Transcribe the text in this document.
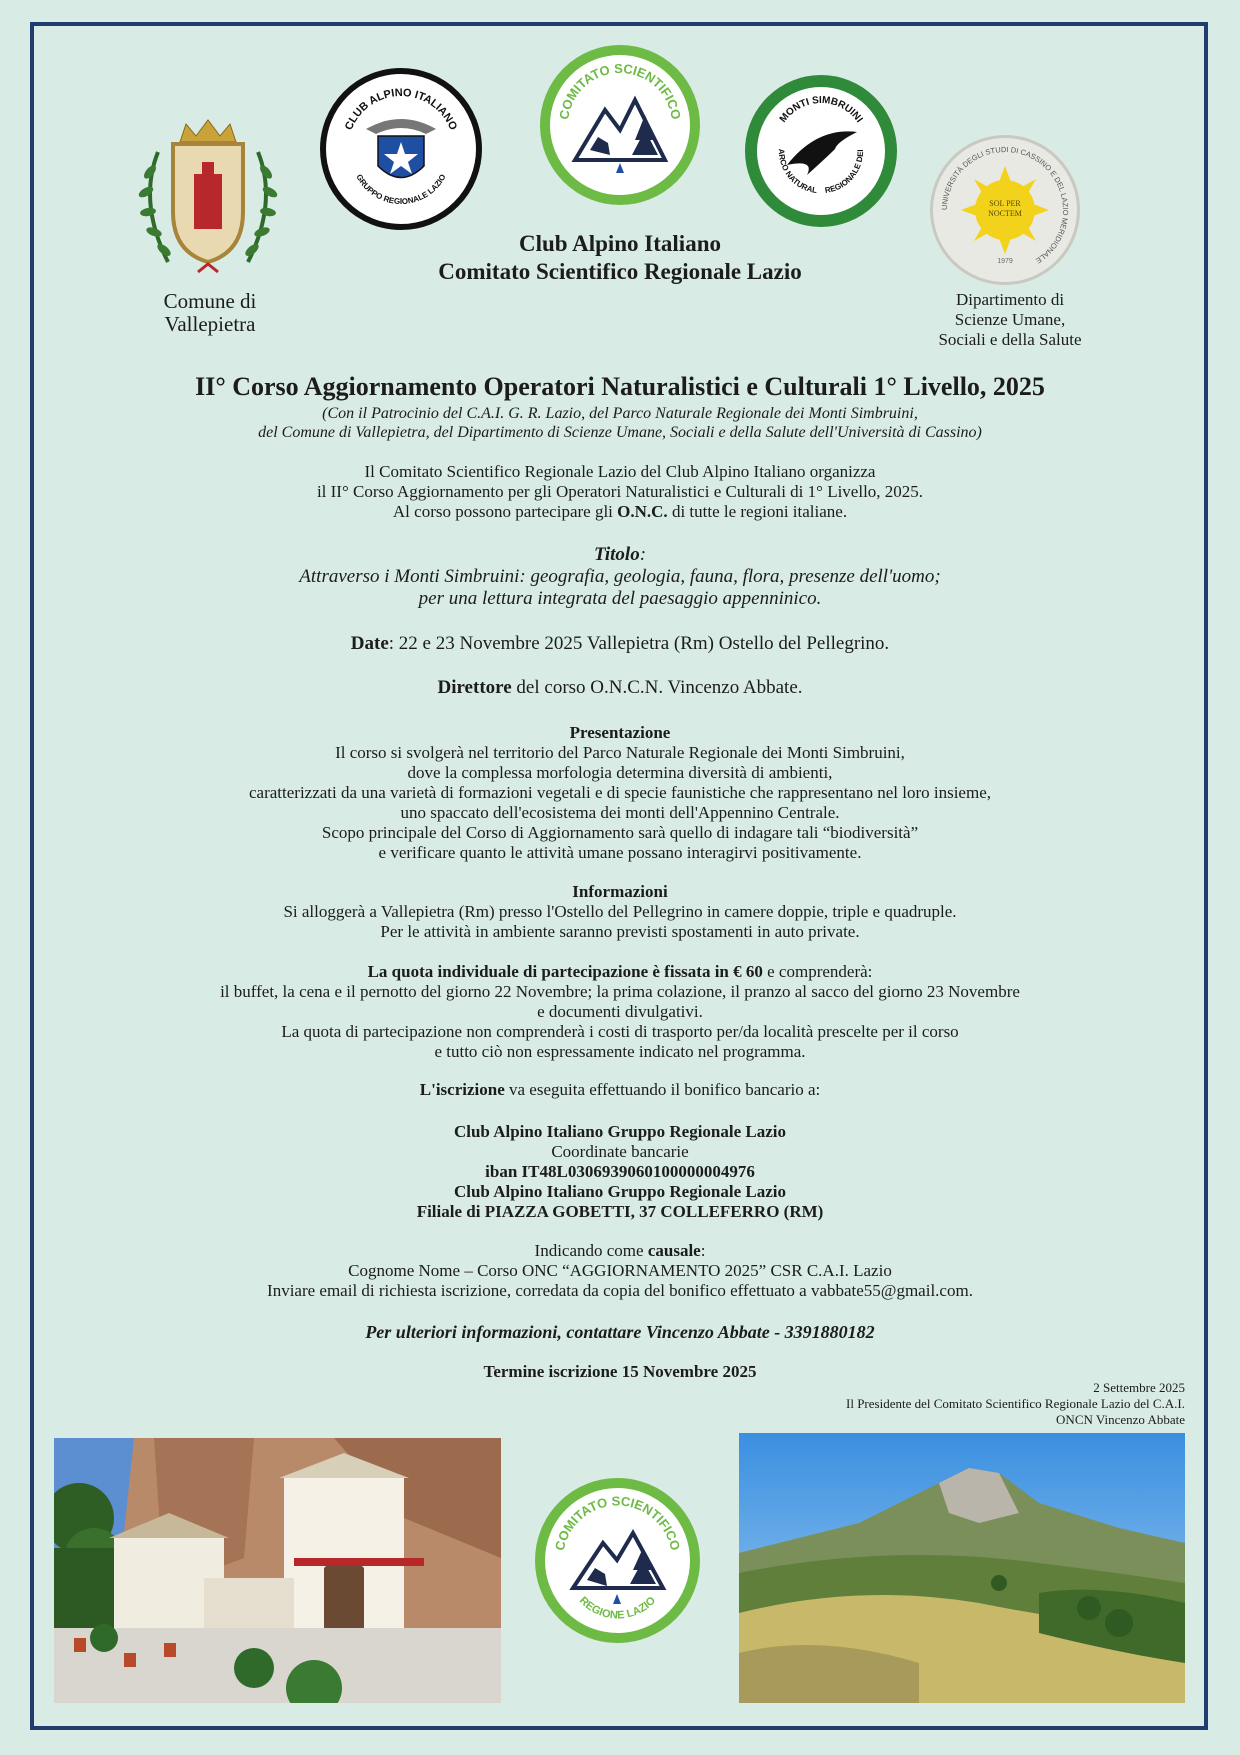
Comune di
Vallepietra
CLUB ALPINO ITALIANO
GRUPPO REGIONALE LAZIO
COMITATO SCIENTIFICO	MONTI SIMBRUINI
ARCO NATURAL REGIONALE DEI
UNIVERSITÀ DEGLI STUDI DI CASSINO E DEL LAZIO MERIDIONALE
SOL PER
NOCTEM
1979
Dipartimento di
Scienze Umane,
Sociali e della Salute
Club Alpino Italiano
Comitato Scientifico Regionale Lazio
II° Corso Aggiornamento Operatori Naturalistici e Culturali 1° Livello, 2025
(Con il Patrocinio del C.A.I. G. R. Lazio, del Parco Naturale Regionale dei Monti Simbruini,
del Comune di Vallepietra, del Dipartimento di Scienze Umane, Sociali e della Salute dell'Università di Cassino)
Il Comitato Scientifico Regionale Lazio del Club Alpino Italiano organizza
il II° Corso Aggiornamento per gli Operatori Naturalistici e Culturali di 1° Livello, 2025.
Al corso possono partecipare gli O.N.C. di tutte le regioni italiane.
Titolo:
Attraverso i Monti Simbruini: geografia, geologia, fauna, flora, presenze dell'uomo;
per una lettura integrata del paesaggio appenninico.
Date: 22 e 23 Novembre 2025 Vallepietra (Rm) Ostello del Pellegrino.
Direttore del corso O.N.C.N. Vincenzo Abbate.
Presentazione
Il corso si svolgerà nel territorio del Parco Naturale Regionale dei Monti Simbruini,
dove la complessa morfologia determina diversità di ambienti,
caratterizzati da una varietà di formazioni vegetali e di specie faunistiche che rappresentano nel loro insieme,
uno spaccato dell'ecosistema dei monti dell'Appennino Centrale.
Scopo principale del Corso di Aggiornamento sarà quello di indagare tali “biodiversità”
e verificare quanto le attività umane possano interagirvi positivamente.
Informazioni
Si alloggerà a Vallepietra (Rm) presso l'Ostello del Pellegrino in camere doppie, triple e quadruple.
Per le attività in ambiente saranno previsti spostamenti in auto private.
La quota individuale di partecipazione è fissata in € 60 e comprenderà:
il buffet, la cena e il pernotto del giorno 22 Novembre; la prima colazione, il pranzo al sacco del giorno 23 Novembre
e documenti divulgativi.
La quota di partecipazione non comprenderà i costi di trasporto per/da località prescelte per il corso
e tutto ciò non espressamente indicato nel programma.
L'iscrizione va eseguita effettuando il bonifico bancario a:
Club Alpino Italiano Gruppo Regionale Lazio
Coordinate bancarie
iban IT48L0306939060100000004976
Club Alpino Italiano Gruppo Regionale Lazio
Filiale di PIAZZA GOBETTI, 37 COLLEFERRO (RM)
Indicando come causale:
Cognome Nome – Corso ONC “AGGIORNAMENTO 2025” CSR C.A.I. Lazio
Inviare email di richiesta iscrizione, corredata da copia del bonifico effettuato a vabbate55@gmail.com.
Per ulteriori informazioni, contattare Vincenzo Abbate - 3391880182
Termine iscrizione 15 Novembre 2025
2 Settembre 2025
Il Presidente del Comitato Scientifico Regionale Lazio del C.A.I.
ONCN Vincenzo Abbate
COMITATO SCIENTIFICO
REGIONE LAZIO
